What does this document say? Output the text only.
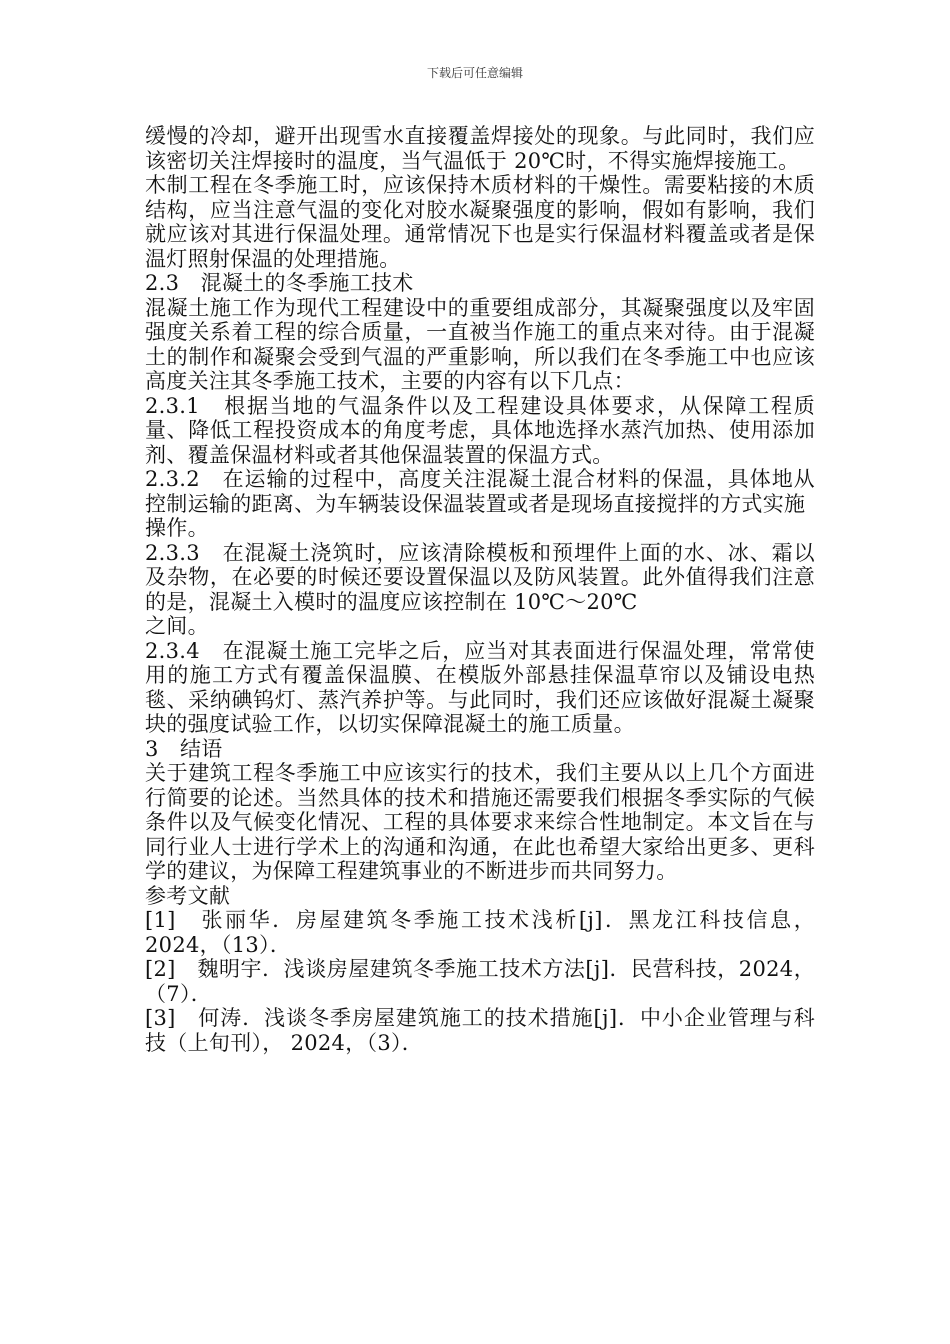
下载后可任意编辑

缓慢的冷却，避开出现雪水直接覆盖焊接处的现象。与此同时，我们应该密切关注焊接时的温度，当气温低于 20℃时，不得实施焊接施工。

木制工程在冬季施工时，应该保持木质材料的干燥性。需要粘接的木质结构，应当注意气温的变化对胶水凝聚强度的影响，假如有影响，我们就应该对其进行保温处理。通常情况下也是实行保温材料覆盖或者是保温灯照射保温的处理措施。

2.3　混凝土的冬季施工技术

混凝土施工作为现代工程建设中的重要组成部分，其凝聚强度以及牢固强度关系着工程的综合质量，一直被当作施工的重点来对待。由于混凝土的制作和凝聚会受到气温的严重影响，所以我们在冬季施工中也应该高度关注其冬季施工技术，主要的内容有以下几点：

2.3.1　根据当地的气温条件以及工程建设具体要求，从保障工程质量、降低工程投资成本的角度考虑，具体地选择水蒸汽加热、使用添加剂、覆盖保温材料或者其他保温装置的保温方式。

2.3.2　在运输的过程中，高度关注混凝土混合材料的保温，具体地从控制运输的距离、为车辆装设保温装置或者是现场直接搅拌的方式实施

操作。

2.3.3　在混凝土浇筑时，应该清除模板和预埋件上面的水、冰、霜以及杂物，在必要的时候还要设置保温以及防风装置。此外值得我们注意的是，混凝土入模时的温度应该控制在 10℃～20℃

之间。

2.3.4　在混凝土施工完毕之后，应当对其表面进行保温处理，常常使用的施工方式有覆盖保温膜、在模版外部悬挂保温草帘以及铺设电热毯、采纳碘钨灯、蒸汽养护等。与此同时，我们还应该做好混凝土凝聚块的强度试验工作，以切实保障混凝土的施工质量。

3　结语

关于建筑工程冬季施工中应该实行的技术，我们主要从以上几个方面进行简要的论述。当然具体的技术和措施还需要我们根据冬季实际的气候条件以及气候变化情况、工程的具体要求来综合性地制定。本文旨在与同行业人士进行学术上的沟通和沟通，在此也希望大家给出更多、更科学的建议，为保障工程建筑事业的不断进步而共同努力。

参考文献

[1]　张丽华．房屋建筑冬季施工技术浅析[j]．黑龙江科技信息，2024，（13）．

[2]　魏明宇．浅谈房屋建筑冬季施工技术方法[j]．民营科技，2024，（7）．

[3]　何涛．浅谈冬季房屋建筑施工的技术措施[j]．中小企业管理与科技（上旬刊）， 2024，（3）．
